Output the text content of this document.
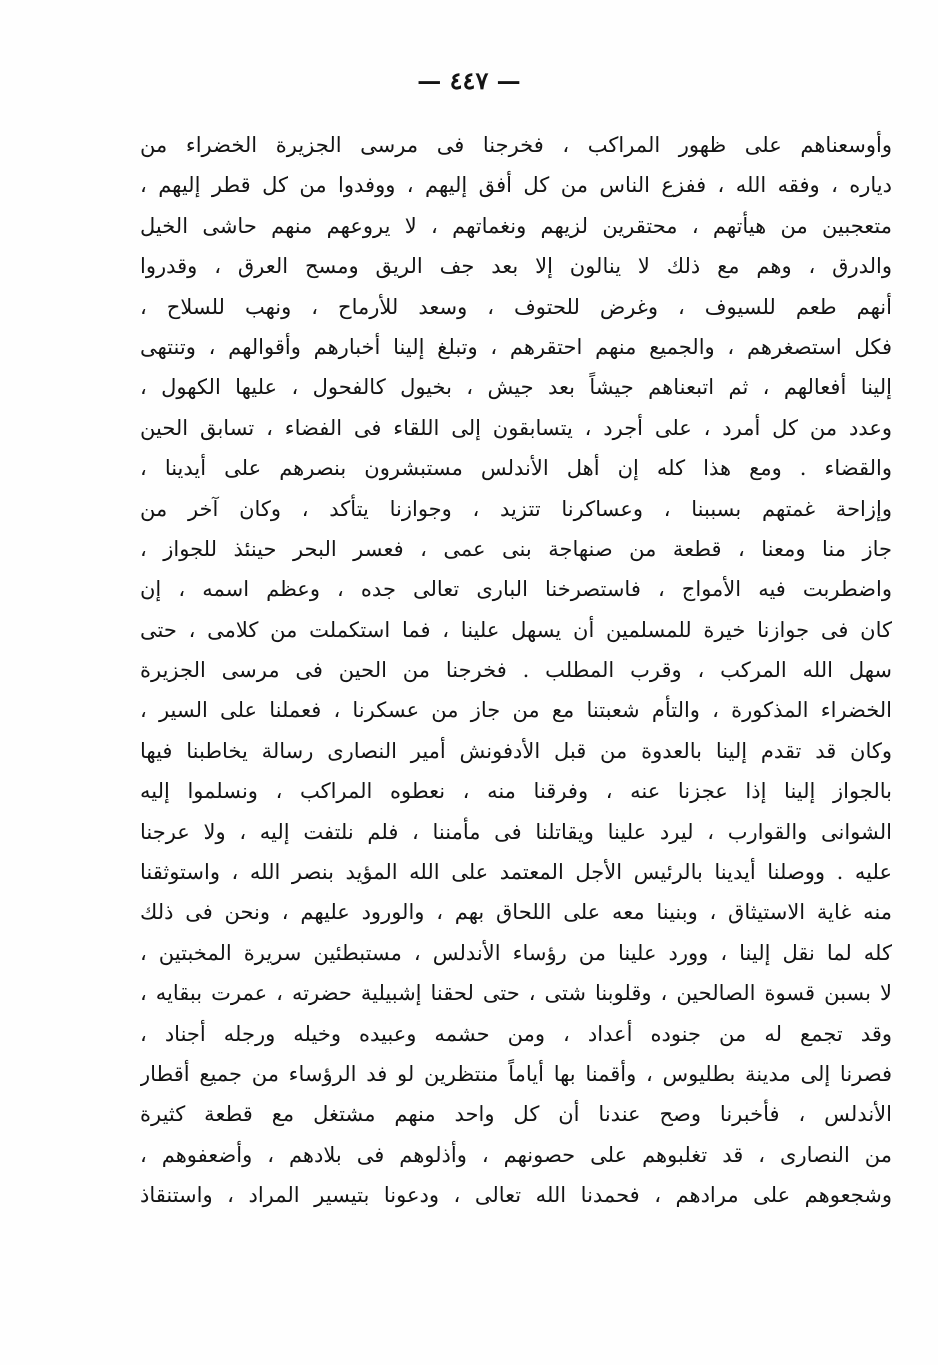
— ٤٤٧ —
وأوسعناهم على ظهور المراكب ، فخرجنا فى مرسى الجزيرة الخضراء من
دياره ، وفقه الله ، ففزع الناس من كل أفق إليهم ، ووفدوا من كل قطر إليهم ،
متعجبين من هيأتهم ، محتقرين لزيهم ونغماتهم ، لا يروعهم منهم حاشى الخيل
والدرق ، وهم مع ذلك لا ينالون إلا بعد جف الريق ومسح العرق ، وقدروا
أنهم طعم للسيوف ، وغرض للحتوف ، وسعد للأرماح ، ونهب للسلاح ،
فكل استصغرهم ، والجميع منهم احتقرهم ، وتبلغ إلينا أخبارهم وأقوالهم ، وتنتهى
إلينا أفعالهم ، ثم اتبعناهم جيشاً بعد جيش ، بخيول كالفحول ، عليها الكهول ،
وعدد من كل أمرد ، على أجرد ، يتسابقون إلى اللقاء فى الفضاء ، تسابق الحين
والقضاء . ومع هذا كله إن أهل الأندلس مستبشرون بنصرهم على أيدينا ،
وإزاحة غمتهم بسببنا ، وعساكرنا تتزيد ، وجوازنا يتأكد ، وكان آخر من
جاز منا ومعنا ، قطعة من صنهاجة بنى عمى ، فعسر البحر حينئذ للجواز ،
واضطربت فيه الأمواج ، فاستصرخنا البارى تعالى جده ، وعظم اسمه ، إن
كان فى جوازنا خيرة للمسلمين أن يسهل علينا ، فما استكملت من كلامى ، حتى
سهل الله المركب ، وقرب المطلب . فخرجنا من الحين فى مرسى الجزيرة
الخضراء المذكورة ، والتأم شعبتنا مع من جاز من عسكرنا ، فعملنا على السير ،
وكان قد تقدم إلينا بالعدوة من قبل الأدفونش أمير النصارى رسالة يخاطبنا فيها
بالجواز إلينا إذا عجزنا عنه ، وفرقنا منه ، نعطوه المراكب ، ونسلموا إليه
الشوانى والقوارب ، ليرد علينا ويقاتلنا فى مأمننا ، فلم نلتفت إليه ، ولا عرجنا
عليه . ووصلنا أيدينا بالرئيس الأجل المعتمد على الله المؤيد بنصر الله ، واستوثقنا
منه غاية الاستيثاق ، وبنينا معه على اللحاق بهم ، والورود عليهم ، ونحن فى ذلك
كله لما نقل إلينا ، وورد علينا من رؤساء الأندلس ، مستبطئين سريرة المخبتين ،
لا بسبن قسوة الصالحين ، وقلوبنا شتى ، حتى لحقنا إشبيلية حضرته ، عمرت ببقايه ،
وقد تجمع له من جنوده أعداد ، ومن حشمه وعبيده وخيله ورجله أجناد ،
فصرنا إلى مدينة بطليوس ، وأقمنا بها أياماً منتظرين لو فد الرؤساء من جميع أقطار
الأندلس ، فأخبرنا وصح عندنا أن كل واحد منهم مشتغل مع قطعة كثيرة
من النصارى ، قد تغلبوهم على حصونهم ، وأذلوهم فى بلادهم ، وأضعفوهم ،
وشجعوهم على مرادهم ، فحمدنا الله تعالى ، ودعونا بتيسير المراد ، واستنقاذ
